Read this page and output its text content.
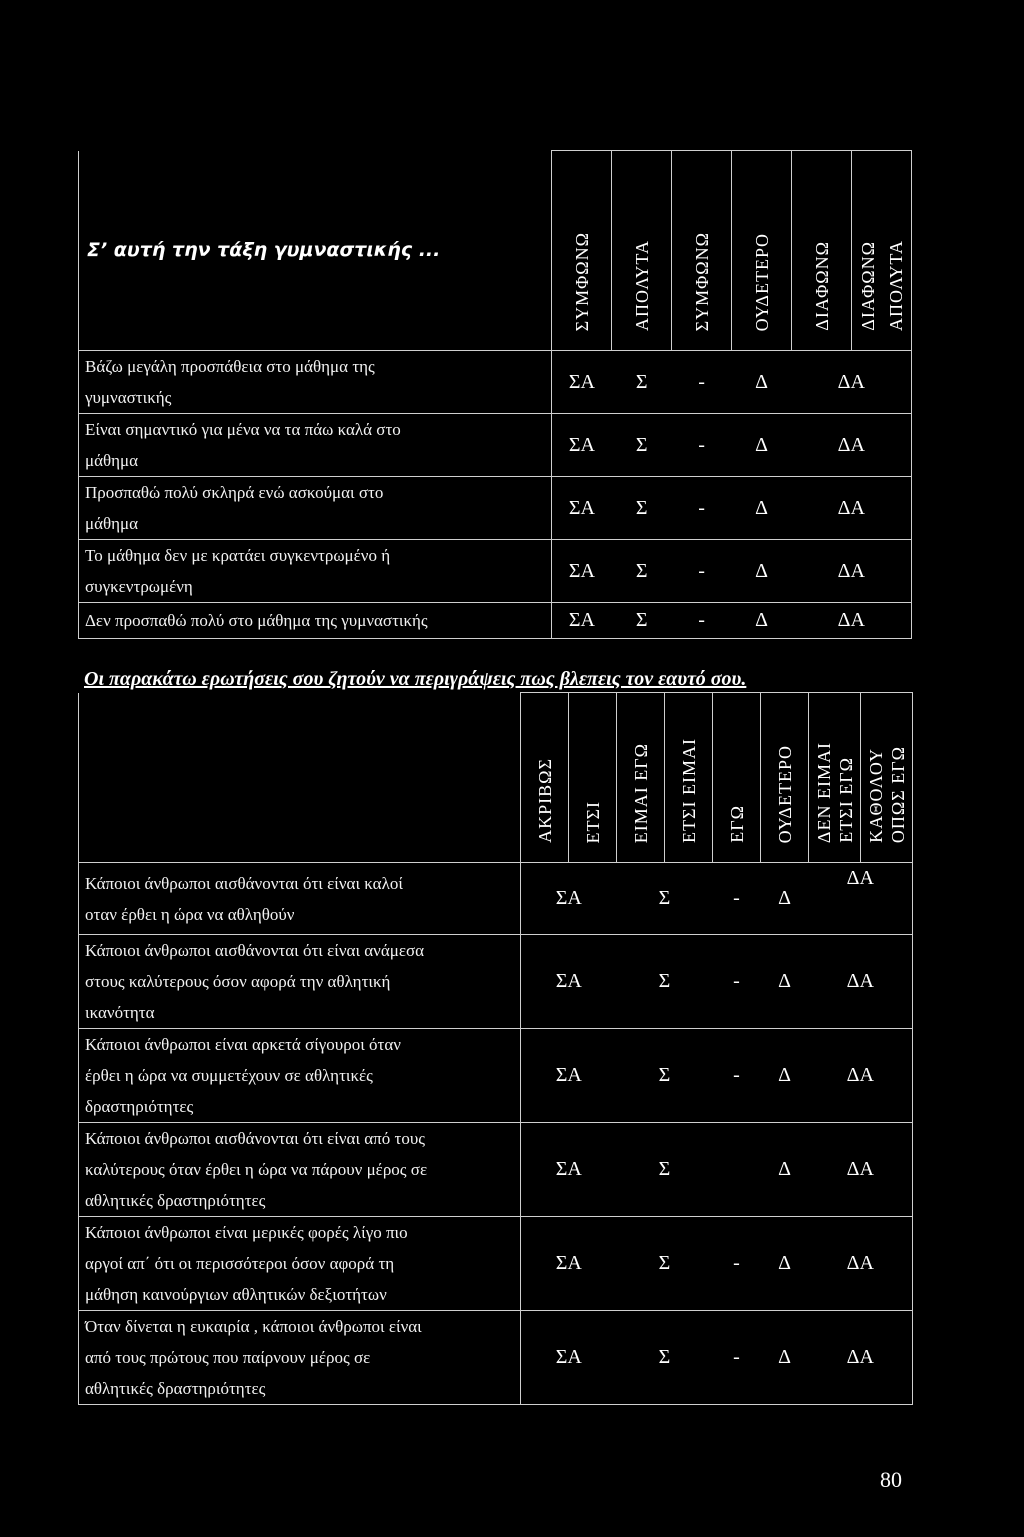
Σ’ αυτή την τάξη γυμναστικής ...	ΣΥΜΦΩΝΩ	ΑΠΟΛΥΤΑ	ΣΥΜΦΩΝΩ	ΟΥΔΕΤΕΡΟ	ΔΙΑΦΩΝΩ	ΔΙΑΦΩΝΩ ΑΠΟΛΥΤΑ

Βάζω μεγάλη προσπάθεια στο μάθημα της
γυμναστικής	ΣΑ	Σ	-	Δ	ΔΑ	

Είναι σημαντικό για μένα να τα πάω καλά στο
μάθημα	ΣΑ	Σ	-	Δ	ΔΑ	

Προσπαθώ πολύ σκληρά ενώ ασκούμαι στο
μάθημα	ΣΑ	Σ	-	Δ	ΔΑ	

Το μάθημα δεν με κρατάει συγκεντρωμένο ή
συγκεντρωμένη	ΣΑ	Σ	-	Δ	ΔΑ	

Δεν προσπαθώ πολύ στο μάθημα της γυμναστικής	ΣΑ	Σ	-	Δ	ΔΑ	
Οι παρακάτω ερωτήσεις σου ζητούν να περιγράψεις πως βλεπεις τον εαυτό σου.
	ΑΚΡΙΒΩΣ	ΕΤΣΙ	ΕΙΜΑΙ ΕΓΩ	ΕΤΣΙ ΕΙΜΑΙ	ΕΓΩ	ΟΥΔΕΤΕΡΟ	ΔΕΝ ΕΙΜΑΙ ΕΤΣΙ ΕΓΩ	ΚΑΘΟΛΟΥ ΟΠΩΣ ΕΓΩ

Κάποιοι άνθρωποι αισθάνονται ότι είναι καλοί
οταν έρθει η ώρα να αθληθούν	ΣΑ		Σ		-	Δ	ΔΑ	

Κάποιοι άνθρωποι αισθάνονται ότι είναι ανάμεσα
στους καλύτερους όσον αφορά την αθλητική
ικανότητα	ΣΑ		Σ		-	Δ	ΔΑ	

Κάποιοι άνθρωποι είναι αρκετά σίγουροι όταν
έρθει η ώρα να συμμετέχουν σε αθλητικές
δραστηριότητες	ΣΑ		Σ		-	Δ	ΔΑ	

Κάποιοι άνθρωποι αισθάνονται ότι είναι από τους
καλύτερους όταν έρθει η ώρα να πάρουν μέρος σε
αθλητικές δραστηριότητες	ΣΑ		Σ			Δ	ΔΑ	

Κάποιοι άνθρωποι είναι μερικές φορές λίγο πιο
αργοί απ΄ ότι οι περισσότεροι όσον αφορά τη
μάθηση καινούργιων αθλητικών δεξιοτήτων	ΣΑ		Σ		-	Δ	ΔΑ	

Όταν δίνεται η ευκαιρία , κάποιοι άνθρωποι είναι
από τους πρώτους που παίρνουν μέρος σε
αθλητικές δραστηριότητες	ΣΑ		Σ		-	Δ	ΔΑ	
80
